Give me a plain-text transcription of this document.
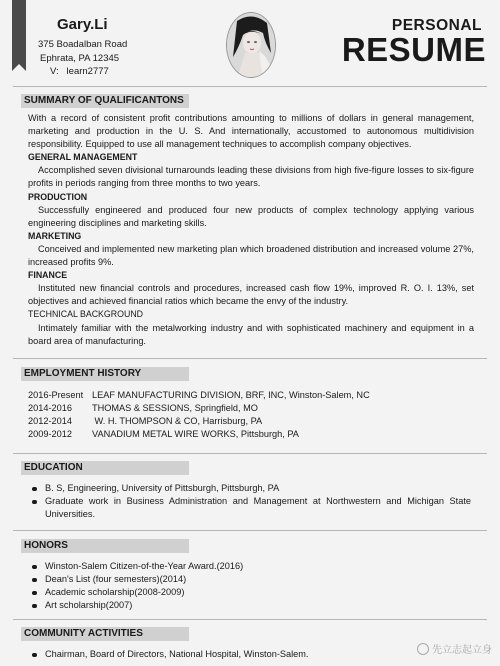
Gary.Li
375 Boadalban Road
Ephrata, PA 12345
V: learn2777
PERSONAL
RESUME
SUMMARY OF QUALIFICANTONS

With a record of consistent profit contributions amounting to millions of dollars in general management, marketing and production in the U. S. And internationally, accustomed to autonomous multidivision responsibility. Equipped to use all management techniques to accomplish company objectives.

GENERAL MANAGEMENT

Accomplished seven divisional turnarounds leading these divisions from high five-figure losses to six-figure profits in periods ranging from three months to two years.

PRODUCTION

Successfully engineered and produced four new products of complex technology applying various engineering disciplines and marketing skills.

MARKETING

Conceived and implemented new marketing plan which broadened distribution and increased volume 27%, increased profits 9%.

FINANCE

Instituted new financial controls and procedures, increased cash flow 19%, improved R. O. I. 13%, set objectives and achieved financial ratios which became the envy of the industry.

TECHNICAL BACKGROUND

Intimately familiar with the metalworking industry and with sophisticated machinery and equipment in a board area of manufacturing.

EMPLOYMENT HISTORY
2016-Present LEAF MANUFACTURING DIVISION, BRF, INC, Winston-Salem, NC
2014-2016	THOMAS & SESSIONS, Springfield, MO
2012-2014	W. H. THOMPSON & CO, Harrisburg, PA
2009-2012	VANADIUM METAL WIRE WORKS, Pittsburgh, PA
EDUCATION
B. S, Engineering, University of Pittsburgh, Pittsburgh, PA
Graduate work in Business Administration and Management at Northwestern and Michigan State Universities.
HONORS
Winston-Salem Citizen-of-the-Year Award.(2016)
Dean's List (four semesters)(2014)
Academic scholarship(2008-2009)
Art scholarship(2007)
COMMUNITY ACTIVITIES
Chairman, Board of Directors, National Hospital, Winston-Salem.	先立志起立身
